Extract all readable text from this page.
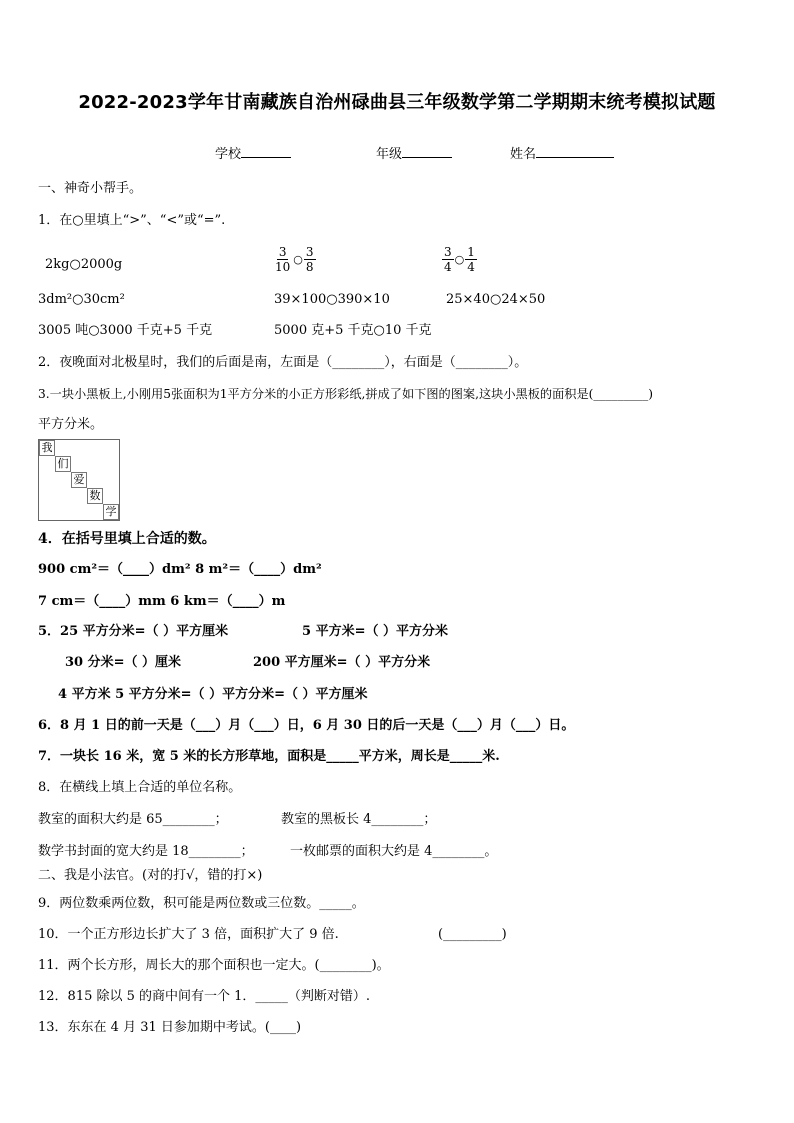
2022-2023学年甘南藏族自治州碌曲县三年级数学第二学期期末统考模拟试题
学校	年级	姓名
一、神奇小帮手。
1．在○里填上“>”、“<”或“=”.
2kg○2000g	$\frac{3}{10}$ ○ $\frac{3}{8}$	$\frac{3}{4}$ ○ $\frac{1}{4}$
3dm²○30cm²	39×100○390×10	25×40○24×50
3005 吨○3000 千克+5 千克	5000 克+5 千克○10 千克
2．夜晚面对北极星时，我们的后面是南，左面是（________），右面是（________）。
3.一块小黑板上,小刚用5张面积为1平方分米的小正方形彩纸,拼成了如下图的图案,这块小黑板的面积是(_________)
平方分米。
我
们
爱
数
学
4．在括号里填上合适的数。
900 cm²＝（____）dm² 8 m²＝（____）dm²
7 cm＝（____）mm 6 km＝（____）m
5．25 平方分米=（ ）平方厘米	5 平方米=（ ）平方分米
30 分米=（ ）厘米	200 平方厘米=（ ）平方分米
4 平方米 5 平方分米=（ ）平方分米=（ ）平方厘米
6．8 月 1 日的前一天是（___）月（___）日，6 月 30 日的后一天是（___）月（___）日。
7．一块长 16 米，宽 5 米的长方形草地，面积是_____平方米，周长是_____米.
8．在横线上填上合适的单位名称。
教室的面积大约是 65________；	教室的黑板长 4________；
数学书封面的宽大约是 18________；	一枚邮票的面积大约是 4________。
二、我是小法官。(对的打√，错的打×)
9．两位数乘两位数，积可能是两位数或三位数。_____。
10．一个正方形边长扩大了 3 倍，面积扩大了 9 倍.	(_________)
11．两个长方形，周长大的那个面积也一定大。(________)。
12．815 除以 5 的商中间有一个 1．_____（判断对错）.
13．东东在 4 月 31 日参加期中考试。(____)
